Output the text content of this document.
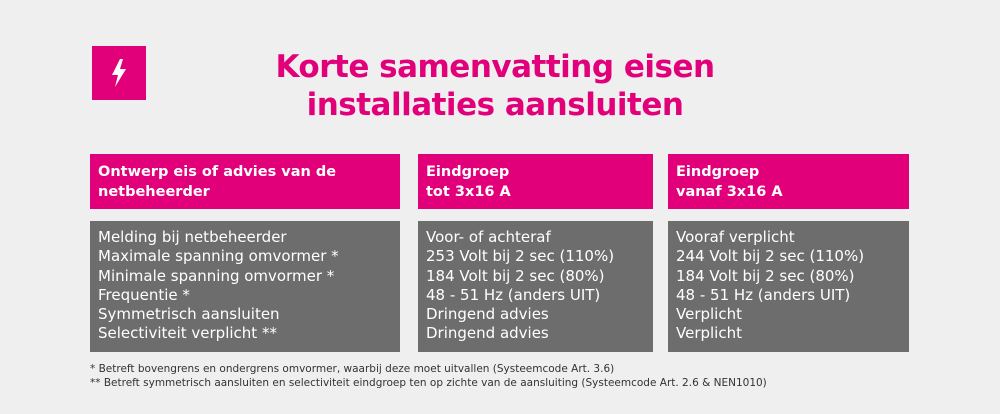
Korte samenvatting eisen
installaties aansluiten
Ontwerp eis of advies van de
netbeheerder
Eindgroep
tot 3x16 A
Eindgroep
vanaf 3x16 A
Melding bij netbeheerder
Maximale spanning omvormer *
Minimale spanning omvormer *
Frequentie *
Symmetrisch aansluiten
Selectiviteit verplicht **
Voor- of achteraf
253 Volt bij 2 sec (110%)
184 Volt bij 2 sec (80%)
48 - 51 Hz (anders UIT)
Dringend advies
Dringend advies
Vooraf verplicht
244 Volt bij 2 sec (110%)
184 Volt bij 2 sec (80%)
48 - 51 Hz (anders UIT)
Verplicht
Verplicht
* Betreft bovengrens en ondergrens omvormer, waarbij deze moet uitvallen (Systeemcode Art. 3.6)
** Betreft symmetrisch aansluiten en selectiviteit eindgroep ten op zichte van de aansluiting (Systeemcode Art. 2.6 & NEN1010)
